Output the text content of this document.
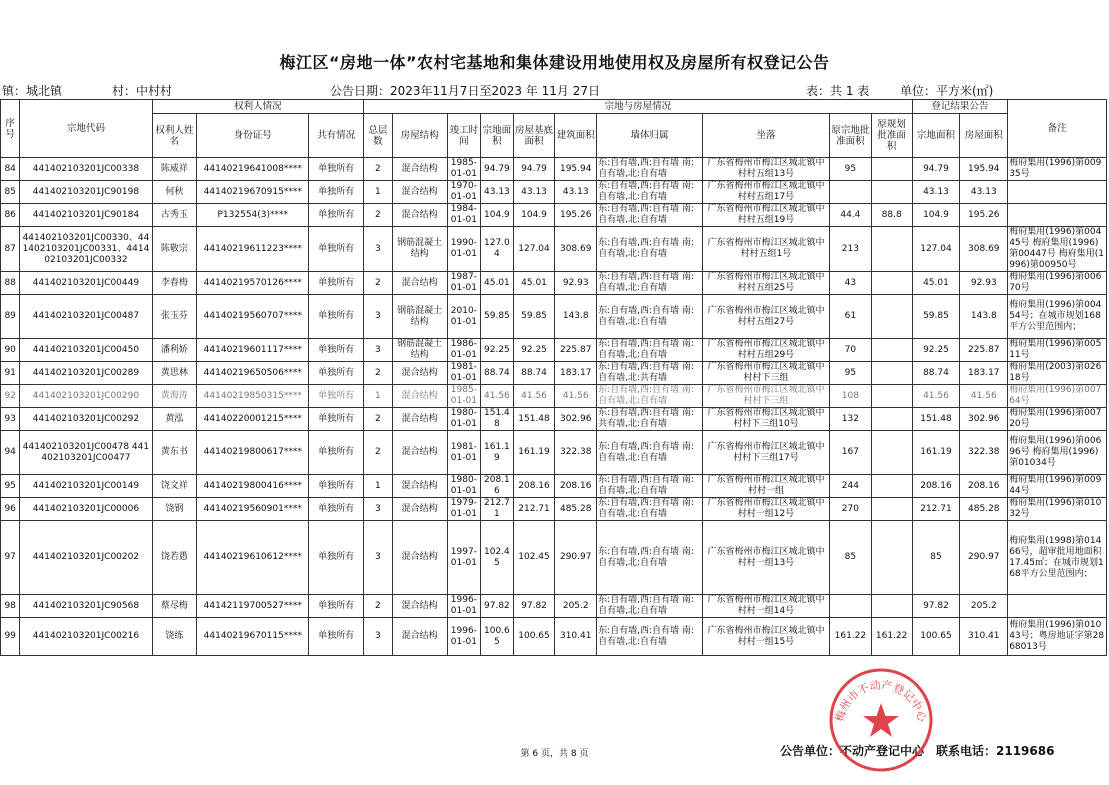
梅江区“房地一体”农村宅基地和集体建设用地使用权及房屋所有权登记公告
镇：城北镇	村：中村村	公告日期：2023年11月7日至2023 年 11月 27日	表：共 1 表	单位：平方米(㎡)
序号	宗地代码	权利人情况			宗地与房屋情况										登记结果公告		备注
		权利人姓名	身份证号	共有情况	总层数	房屋结构	竣工时间	宗地面积	房屋基底面积	建筑面积	墙体归属	坐落	原宗地批准面积	原规划批准面积	宗地面积	房屋面积	
84	441402103201JC00338	陈威祥	44140219641008****	单独所有	2	混合结构	1985-01-01	94.79	94.79	195.94	东:自有墙,西:自有墙 南:自有墙,北:自有墙	广东省梅州市梅江区城北镇中村村五组13号	95		94.79	195.94	梅府集用(1996)第00935号
85	441402103201JC90198	何秋	44140219670915****	单独所有	1	混合结构	1970-01-01	43.13	43.13	43.13	东:自有墙,西:自有墙 南:自有墙,北:自有墙	广东省梅州市梅江区城北镇中村村五组17号			43.13	43.13	
86	441402103201JC90184	古秀玉	P132554(3)****	单独所有	2	混合结构	1984-01-01	104.9	104.9	195.26	东:自有墙,西:自有墙 南:自有墙,北:自有墙	广东省梅州市梅江区城北镇中村村五组19号	44.4	88.8	104.9	195.26	
87	441402103201JC00330、441402103201JC00331、441402103201JC00332	陈敬宗	44140219611223****	单独所有	3	钢筋混凝土结构	1990-01-01	127.04	127.04	308.69	东:自有墙,西:自有墙 南:自有墙,北:自有墙	广东省梅州市梅江区城北镇中村村五组1号	213		127.04	308.69	梅府集用(1996)第00445号 梅府集用(1996)第00447号 梅府集用(1996)第00950号
88	441402103201JC00449	李春梅	44140219570126****	单独所有	2	混合结构	1987-01-01	45.01	45.01	92.93	东:自有墙,西:自有墙 南:自有墙,北:自有墙	广东省梅州市梅江区城北镇中村村五组25号	43		45.01	92.93	梅府集用(1996)第00670号
89	441402103201JC00487	张玉芬	44140219560707****	单独所有	3	钢筋混凝土结构	2010-01-01	59.85	59.85	143.8	东:自有墙,西:自有墙 南:自有墙,北:自有墙	广东省梅州市梅江区城北镇中村村五组27号	61		59.85	143.8	梅府集用(1996)第00454号；在城市规划168平方公里范围内；
90	441402103201JC00450	潘利娇	44140219601117****	单独所有	3	钢筋混凝土结构	1986-01-01	92.25	92.25	225.87	东:自有墙,西:自有墙 南:自有墙,北:自有墙	广东省梅州市梅江区城北镇中村村五组29号	70		92.25	225.87	梅府集用(1996)第00511号
91	441402103201JC00289	黄思林	44140219650506****	单独所有	2	混合结构	1981-01-01	88.74	88.74	183.17	东:自有墙,西:自有墙 南:自有墙,北:共有墙	广东省梅州市梅江区城北镇中村村下三组	95		88.74	183.17	梅府集用(2003)第02618号
92	441402103201JC00290	黄海涛	44140219850315****	单独所有	1	混合结构	1985-01-01	41.56	41.56	41.56	东:自有墙,西:自有墙 南:自有墙,北:自有墙	广东省梅州市梅江区城北镇中村村下三组	108		41.56	41.56	梅府集用(1996)第00764号
93	441402103201JC00292	黄泓	44140220001215****	单独所有	2	混合结构	1980-01-01	151.48	151.48	302.96	东:自有墙,西:自有墙 南:共有墙,北:自有墙	广东省梅州市梅江区城北镇中村村下三组10号	132		151.48	302.96	梅府集用(1996)第00720号
94	441402103201JC00478 441402103201JC00477	黄东书	44140219800617****	单独所有	2	混合结构	1981-01-01	161.19	161.19	322.38	东:自有墙,西:自有墙 南:自有墙,北:自有墙	广东省梅州市梅江区城北镇中村村下三组17号	167		161.19	322.38	梅府集用(1996)第00696号 梅府集用(1996)第01034号
95	441402103201JC00149	饶文祥	44140219800416****	单独所有	1	混合结构	1980-01-01	208.16	208.16	208.16	东:自有墙,西:自有墙 南:自有墙,北:自有墙	广东省梅州市梅江区城北镇中村村一组	244		208.16	208.16	梅府集用(1996)第00944号
96	441402103201JC00006	饶钢	44140219560901****	单独所有	3	混合结构	1979-01-01	212.71	212.71	485.28	东:自有墙,西:自有墙 南:自有墙,北:自有墙	广东省梅州市梅江区城北镇中村村一组12号	270		212.71	485.28	梅府集用(1996)第01032号
97	441402103201JC00202	饶若愚	44140219610612****	单独所有	3	混合结构	1997-01-01	102.45	102.45	290.97	东:自有墙,西:自有墙 南:自有墙,北:自有墙	广东省梅州市梅江区城北镇中村村一组13号	85		85	290.97	梅府集用(1998)第01466号，超审批用地面积17.45㎡；在城市规划168平方公里范围内；
98	441402103201JC90568	蔡尽梅	44142119700527****	单独所有	2	混合结构	1996-01-01	97.82	97.82	205.2	东:自有墙,西:自有墙 南:自有墙,北:自有墙	广东省梅州市梅江区城北镇中村村一组14号			97.82	205.2	
99	441402103201JC00216	饶练	44140219670115****	单独所有	3	混合结构	1996-01-01	100.65	100.65	310.41	东:自有墙,西:自有墙 南:自有墙,北:自有墙	广东省梅州市梅江区城北镇中村村一组15号	161.22	161.22	100.65	310.41	梅府集用(1996)第01043号；粤房地证字第2868013号
第 6 页，共 8 页	公告单位：不动产登记中心　联系电话：2119686
梅州市不动产登记中心
